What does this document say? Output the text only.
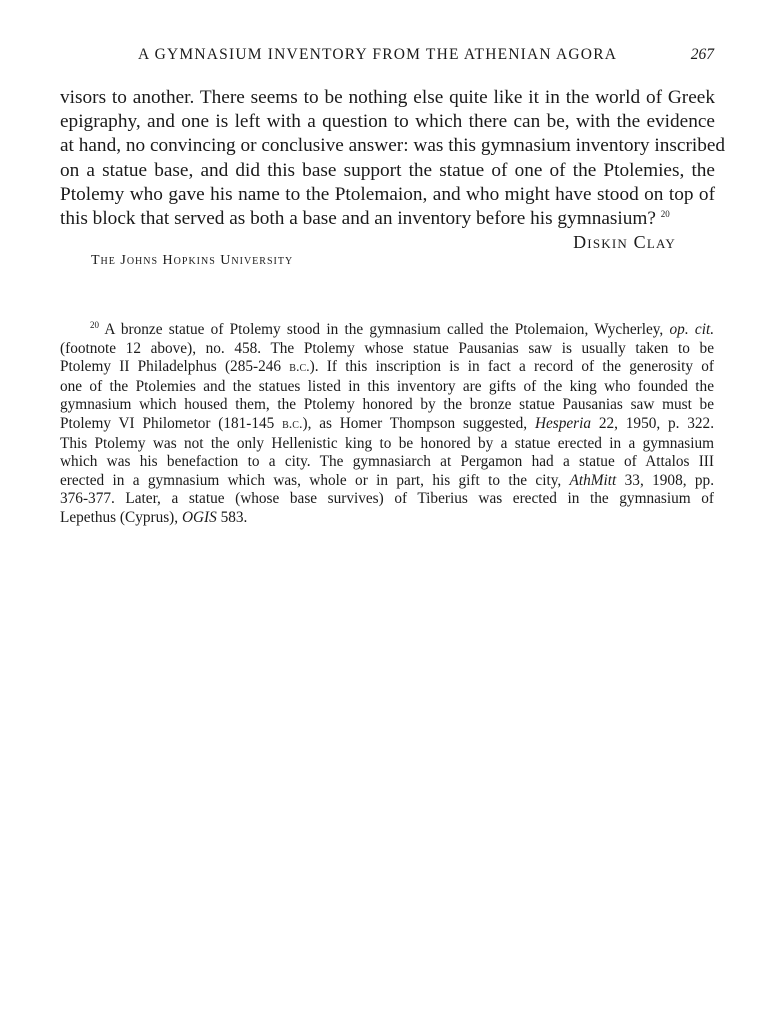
A GYMNASIUM INVENTORY FROM THE ATHENIAN AGORA	267
visors to another. There seems to be nothing else quite like it in the world of Greek
epigraphy, and one is left with a question to which there can be, with the evidence
at hand, no convincing or conclusive answer: was this gymnasium inventory inscribed
on a statue base, and did this base support the statue of one of the Ptolemies, the
Ptolemy who gave his name to the Ptolemaion, and who might have stood on top of
this block that served as both a base and an inventory before his gymnasium? $^{20}$
Diskin Clay
The Johns Hopkins University
$^{20}$ A bronze statue of Ptolemy stood in the gymnasium called the Ptolemaion, Wycherley, op. cit.
(footnote 12 above), no. 458. The Ptolemy whose statue Pausanias saw is usually taken to be
Ptolemy II Philadelphus (285-246 b.c.). If this inscription is in fact a record of the generosity of
one of the Ptolemies and the statues listed in this inventory are gifts of the king who founded the
gymnasium which housed them, the Ptolemy honored by the bronze statue Pausanias saw must be
Ptolemy VI Philometor (181-145 b.c.), as Homer Thompson suggested, Hesperia 22, 1950, p. 322.
This Ptolemy was not the only Hellenistic king to be honored by a statue erected in a gymnasium
which was his benefaction to a city. The gymnasiarch at Pergamon had a statue of Attalos III
erected in a gymnasium which was, whole or in part, his gift to the city, AthMitt 33, 1908, pp.
376-377. Later, a statue (whose base survives) of Tiberius was erected in the gymnasium of
Lepethus (Cyprus), OGIS 583.
